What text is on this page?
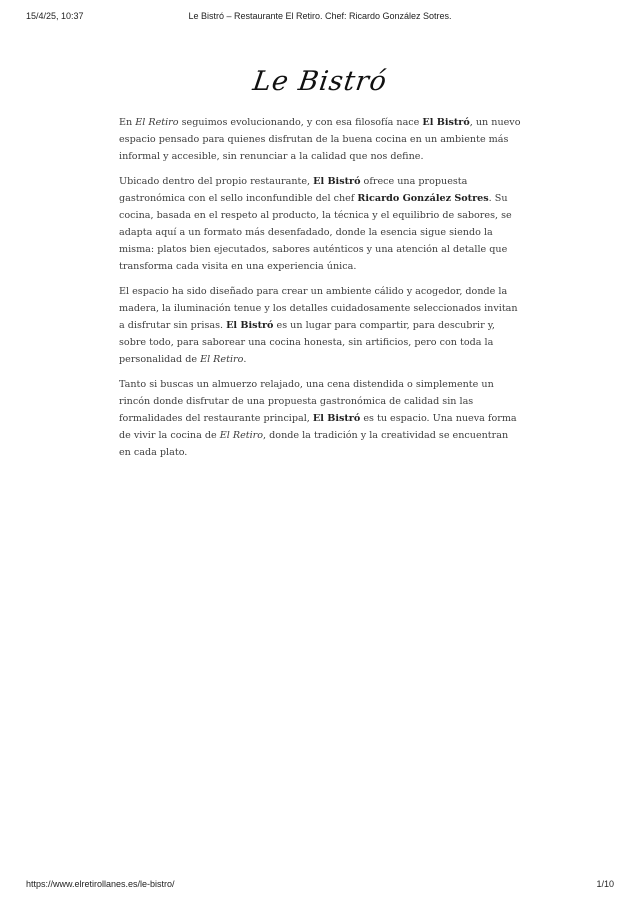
15/4/25, 10:37	Le Bistró – Restaurante El Retiro. Chef: Ricardo González Sotres.
Le Bistró

En El Retiro seguimos evolucionando, y con esa filosofía nace El Bistró, un nuevo espacio pensado para quienes disfrutan de la buena cocina en un ambiente más informal y accesible, sin renunciar a la calidad que nos define.

Ubicado dentro del propio restaurante, El Bistró ofrece una propuesta gastronómica con el sello inconfundible del chef Ricardo González Sotres. Su cocina, basada en el respeto al producto, la técnica y el equilibrio de sabores, se adapta aquí a un formato más desenfadado, donde la esencia sigue siendo la misma: platos bien ejecutados, sabores auténticos y una atención al detalle que transforma cada visita en una experiencia única.

El espacio ha sido diseñado para crear un ambiente cálido y acogedor, donde la madera, la iluminación tenue y los detalles cuidadosamente seleccionados invitan a disfrutar sin prisas. El Bistró es un lugar para compartir, para descubrir y, sobre todo, para saborear una cocina honesta, sin artificios, pero con toda la personalidad de El Retiro.

Tanto si buscas un almuerzo relajado, una cena distendida o simplemente un rincón donde disfrutar de una propuesta gastronómica de calidad sin las formalidades del restaurante principal, El Bistró es tu espacio. Una nueva forma de vivir la cocina de El Retiro, donde la tradición y la creatividad se encuentran en cada plato.

https://www.elretirollanes.es/le-bistro/	1/10
